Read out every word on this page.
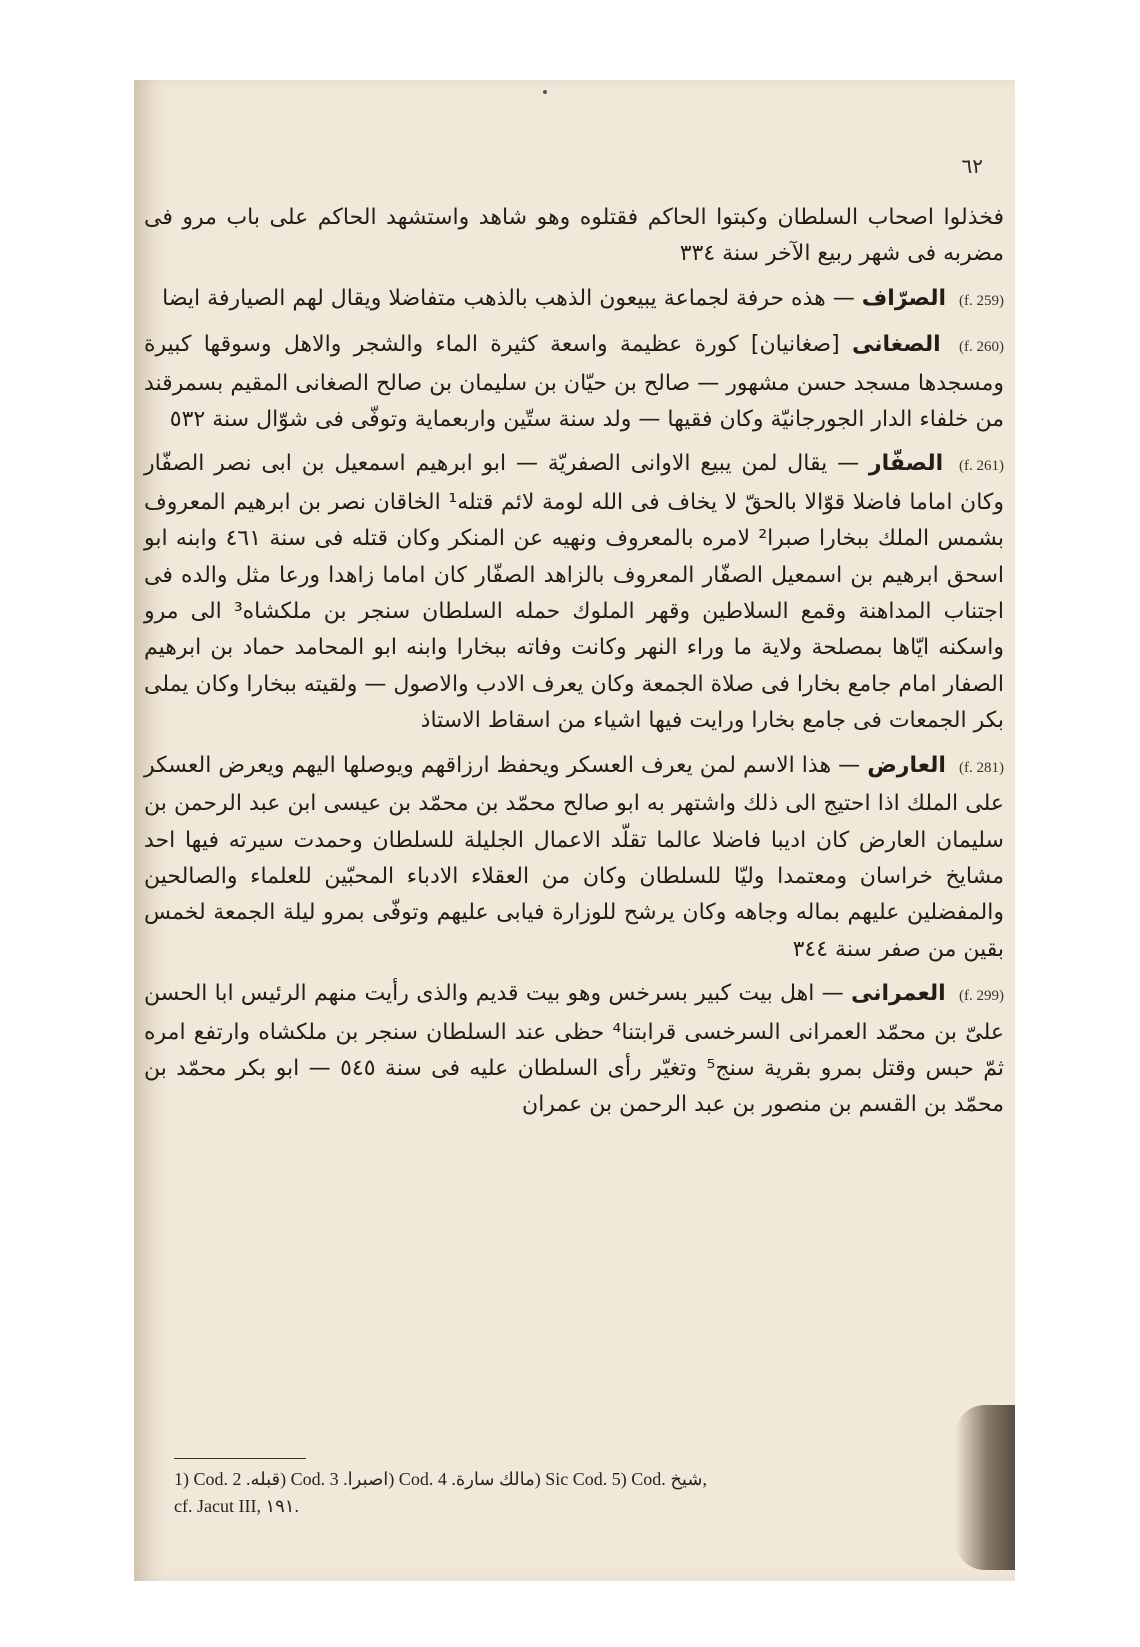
٦٢

فخذلوا اصحاب السلطان وكبتوا الحاكم فقتلوه وهو شاهد واستشهد الحاكم على باب مرو فى مضربه فى شهر ربيع الآخر سنة ٣٣٤

(f. 259) الصرّاف — هذه حرفة لجماعة يبيعون الذهب بالذهب متفاضلا ويقال لهم الصيارفة ايضا

(f. 260) الصغانى [صغانيان] كورة عظيمة واسعة كثيرة الماء والشجر والاهل وسوقها كبيرة ومسجدها مسجد حسن مشهور — صالح بن حيّان بن سليمان بن صالح الصغانى المقيم بسمرقند من خلفاء الدار الجورجانيّة وكان فقيها — ولد سنة ستّين واربعماية وتوفّى فى شوّال سنة ٥٣٢

(f. 261) الصفّار — يقال لمن يبيع الاوانى الصفريّة — ابو ابرهيم اسمعيل بن ابى نصر الصفّار وكان اماما فاضلا قوّالا بالحقّ لا يخاف فى الله لومة لائم قتله¹ الخاقان نصر بن ابرهيم المعروف بشمس الملك ببخارا صبرا² لامره بالمعروف ونهيه عن المنكر وكان قتله فى سنة ٤٦١ وابنه ابو اسحق ابرهيم بن اسمعيل الصفّار المعروف بالزاهد الصفّار كان اماما زاهدا ورعا مثل والده فى اجتناب المداهنة وقمع السلاطين وقهر الملوك حمله السلطان سنجر بن ملكشاه³ الى مرو واسكنه ايّاها بمصلحة ولاية ما وراء النهر وكانت وفاته ببخارا وابنه ابو المحامد حماد بن ابرهيم الصفار امام جامع بخارا فى صلاة الجمعة وكان يعرف الادب والاصول — ولقيته ببخارا وكان يملى بكر الجمعات فى جامع بخارا ورايت فيها اشياء من اسقاط الاستاذ

(f. 281) العارض — هذا الاسم لمن يعرف العسكر ويحفظ ارزاقهم ويوصلها اليهم ويعرض العسكر على الملك اذا احتيج الى ذلك واشتهر به ابو صالح محمّد بن محمّد بن عيسى ابن عبد الرحمن بن سليمان العارض كان اديبا فاضلا عالما تقلّد الاعمال الجليلة للسلطان وحمدت سيرته فيها احد مشايخ خراسان ومعتمدا وليّا للسلطان وكان من العقلاء الادباء المحبّين للعلماء والصالحين والمفضلين عليهم بماله وجاهه وكان يرشح للوزارة فيابى عليهم وتوفّى بمرو ليلة الجمعة لخمس بقين من صفر سنة ٣٤٤

(f. 299) العمرانى — اهل بيت كبير بسرخس وهو بيت قديم والذى رأيت منهم الرئيس ابا الحسن علىّ بن محمّد العمرانى السرخسى قرابتنا⁴ حظى عند السلطان سنجر بن ملكشاه وارتفع امره ثمّ حبس وقتل بمرو بقرية سنج⁵ وتغيّر رأى السلطان عليه فى سنة ٥٤٥ — ابو بكر محمّد بن محمّد بن القسم بن منصور بن عبد الرحمن بن عمران

1) Cod. قبله. 2) Cod. اصبرا. 3) Cod. مالك سارة. 4) Sic Cod. 5) Cod. شيخ,

cf. Jacut III, ١٩١.
